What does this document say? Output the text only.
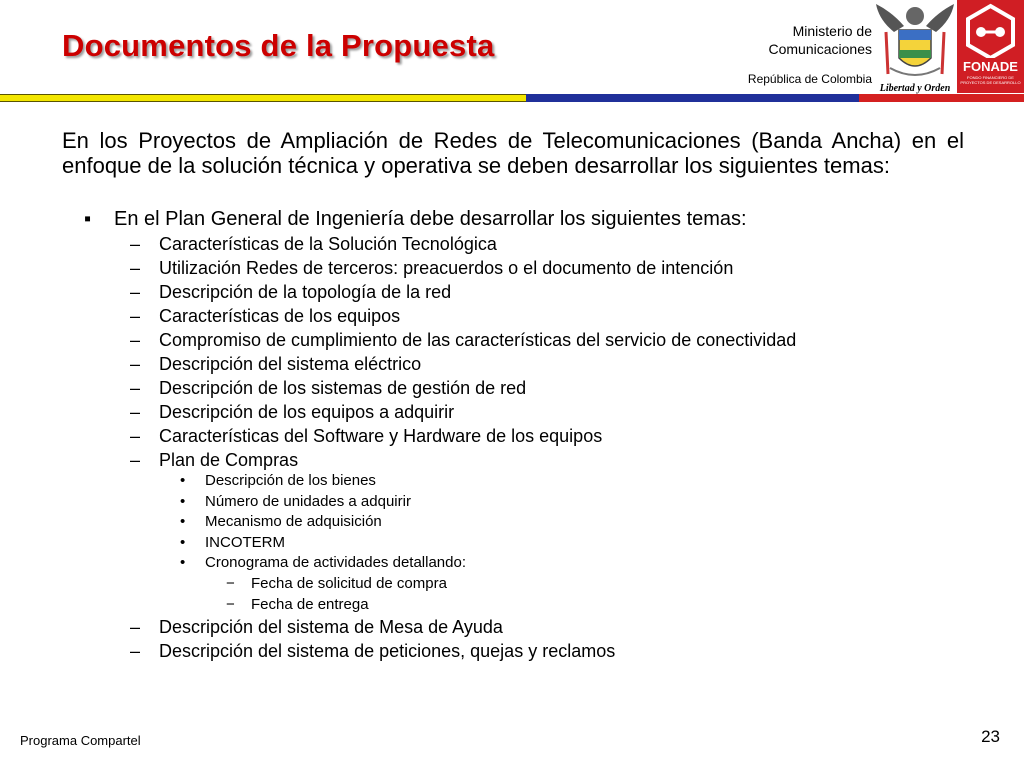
Documentos de la Propuesta	Ministerio de
Comunicaciones
República de Colombia
Libertad y Orden
FONADE
FONDO FINANCIERO DE PROYECTOS DE DESARROLLO
En los Proyectos de Ampliación de Redes de Telecomunicaciones (Banda Ancha) en el enfoque de la solución técnica y operativa se deben desarrollar los siguientes temas:
▪ En el Plan General de Ingeniería debe desarrollar los siguientes temas:
– Características de la Solución Tecnológica
– Utilización Redes de terceros: preacuerdos o el documento de intención
– Descripción de la topología de la red
– Características de los equipos
– Compromiso de cumplimiento de las características del servicio de conectividad
– Descripción del sistema eléctrico
– Descripción de los sistemas de gestión de red
– Descripción de los equipos a adquirir
– Características del Software y Hardware de los equipos
– Plan de Compras
• Descripción de los bienes
• Número de unidades a adquirir
• Mecanismo de adquisición
• INCOTERM
• Cronograma de actividades detallando:
− Fecha de solicitud de compra
− Fecha de entrega
– Descripción del sistema de Mesa de Ayuda
– Descripción del sistema de peticiones, quejas y reclamos
Programa Compartel	23
